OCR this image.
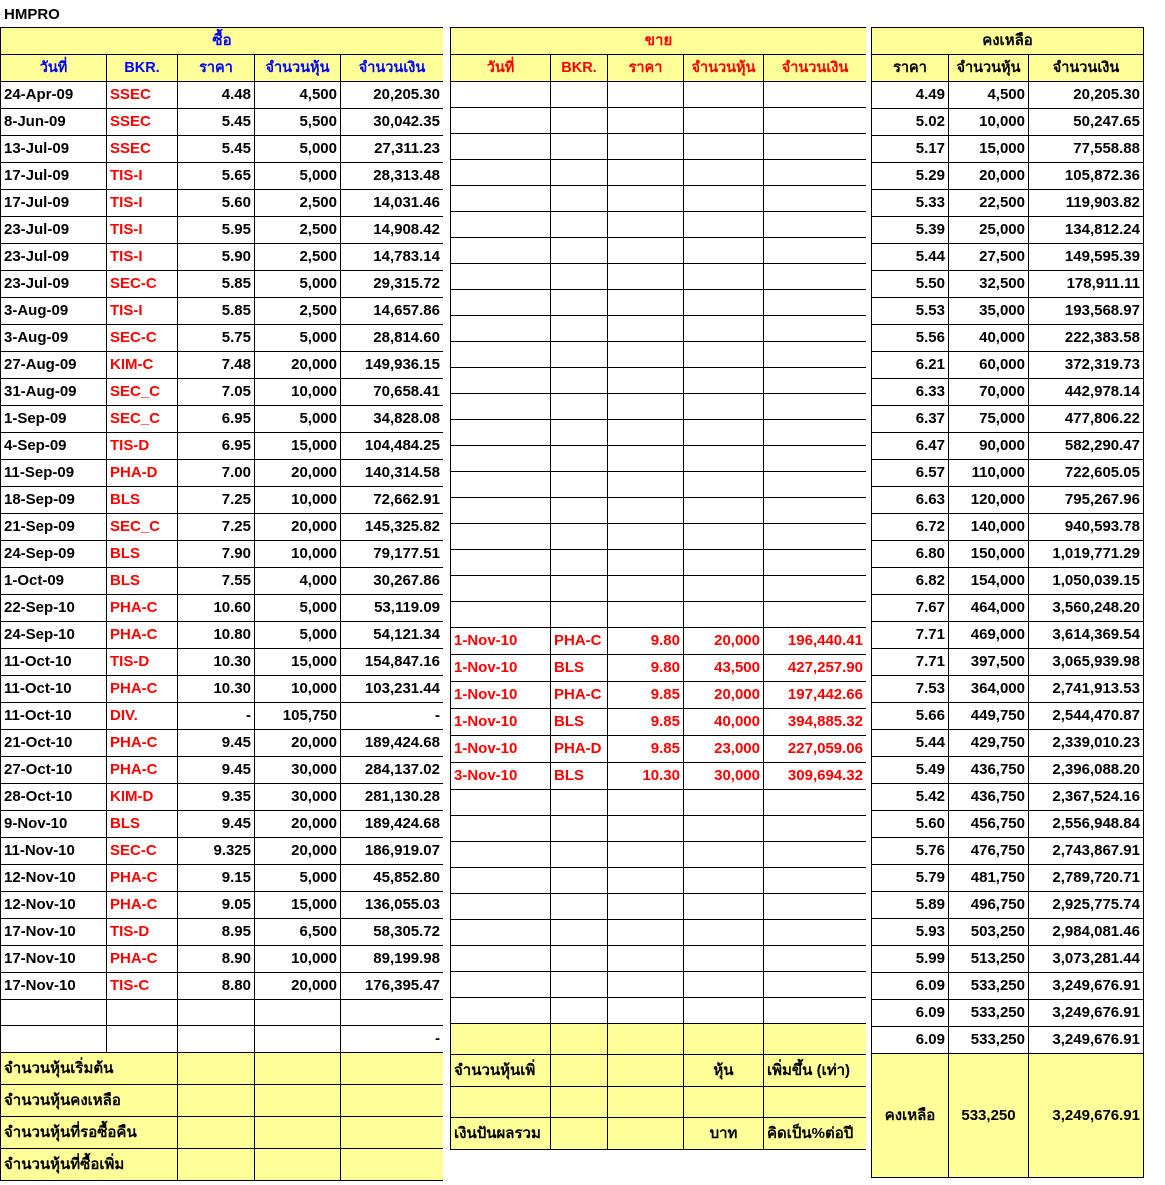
HMPRO
ซื้อ				
วันที่	BKR.	ราคา	จำนวนหุ้น	จำนวนเงิน
24-Apr-09	SSEC	4.48	4,500	20,205.30
8-Jun-09	SSEC	5.45	5,500	30,042.35
13-Jul-09	SSEC	5.45	5,000	27,311.23
17-Jul-09	TIS-I	5.65	5,000	28,313.48
17-Jul-09	TIS-I	5.60	2,500	14,031.46
23-Jul-09	TIS-I	5.95	2,500	14,908.42
23-Jul-09	TIS-I	5.90	2,500	14,783.14
23-Jul-09	SEC-C	5.85	5,000	29,315.72
3-Aug-09	TIS-I	5.85	2,500	14,657.86
3-Aug-09	SEC-C	5.75	5,000	28,814.60
27-Aug-09	KIM-C	7.48	20,000	149,936.15
31-Aug-09	SEC_C	7.05	10,000	70,658.41
1-Sep-09	SEC_C	6.95	5,000	34,828.08
4-Sep-09	TIS-D	6.95	15,000	104,484.25
11-Sep-09	PHA-D	7.00	20,000	140,314.58
18-Sep-09	BLS	7.25	10,000	72,662.91
21-Sep-09	SEC_C	7.25	20,000	145,325.82
24-Sep-09	BLS	7.90	10,000	79,177.51
1-Oct-09	BLS	7.55	4,000	30,267.86
22-Sep-10	PHA-C	10.60	5,000	53,119.09
24-Sep-10	PHA-C	10.80	5,000	54,121.34
11-Oct-10	TIS-D	10.30	15,000	154,847.16
11-Oct-10	PHA-C	10.30	10,000	103,231.44
11-Oct-10	DIV.	-	105,750	-
21-Oct-10	PHA-C	9.45	20,000	189,424.68
27-Oct-10	PHA-C	9.45	30,000	284,137.02
28-Oct-10	KIM-D	9.35	30,000	281,130.28
9-Nov-10	BLS	9.45	20,000	189,424.68
11-Nov-10	SEC-C	9.325	20,000	186,919.07
12-Nov-10	PHA-C	9.15	5,000	45,852.80
12-Nov-10	PHA-C	9.05	15,000	136,055.03
17-Nov-10	TIS-D	8.95	6,500	58,305.72
17-Nov-10	PHA-C	8.90	10,000	89,199.98
17-Nov-10	TIS-C	8.80	20,000	176,395.47

				-
จำนวนหุ้นเริ่มต้น				
จำนวนหุ้นคงเหลือ				
จำนวนหุ้นที่รอซื้อคืน				
จำนวนหุ้นที่ซื้อเพิ่ม				
ขาย				
วันที่	BKR.	ราคา	จำนวนหุ้น	จำนวนเงิน

1-Nov-10	PHA-C	9.80	20,000	196,440.41
1-Nov-10	BLS	9.80	43,500	427,257.90
1-Nov-10	PHA-C	9.85	20,000	197,442.66
1-Nov-10	BLS	9.85	40,000	394,885.32
1-Nov-10	PHA-D	9.85	23,000	227,059.06
3-Nov-10	BLS	10.30	30,000	309,694.32

จำนวนหุ้นเพิ่			หุ้น	เพิ่มขึ้น (เท่า)

เงินปันผลรวม			บาท	คิดเป็น%ต่อปี
คงเหลือ		
ราคา	จำนวนหุ้น	จำนวนเงิน
4.49	4,500	20,205.30
5.02	10,000	50,247.65
5.17	15,000	77,558.88
5.29	20,000	105,872.36
5.33	22,500	119,903.82
5.39	25,000	134,812.24
5.44	27,500	149,595.39
5.50	32,500	178,911.11
5.53	35,000	193,568.97
5.56	40,000	222,383.58
6.21	60,000	372,319.73
6.33	70,000	442,978.14
6.37	75,000	477,806.22
6.47	90,000	582,290.47
6.57	110,000	722,605.05
6.63	120,000	795,267.96
6.72	140,000	940,593.78
6.80	150,000	1,019,771.29
6.82	154,000	1,050,039.15
7.67	464,000	3,560,248.20
7.71	469,000	3,614,369.54
7.71	397,500	3,065,939.98
7.53	364,000	2,741,913.53
5.66	449,750	2,544,470.87
5.44	429,750	2,339,010.23
5.49	436,750	2,396,088.20
5.42	436,750	2,367,524.16
5.60	456,750	2,556,948.84
5.76	476,750	2,743,867.91
5.79	481,750	2,789,720.71
5.89	496,750	2,925,775.74
5.93	503,250	2,984,081.46
5.99	513,250	3,073,281.44
6.09	533,250	3,249,676.91
6.09	533,250	3,249,676.91
6.09	533,250	3,249,676.91
คงเหลือ	533,250	3,249,676.91
